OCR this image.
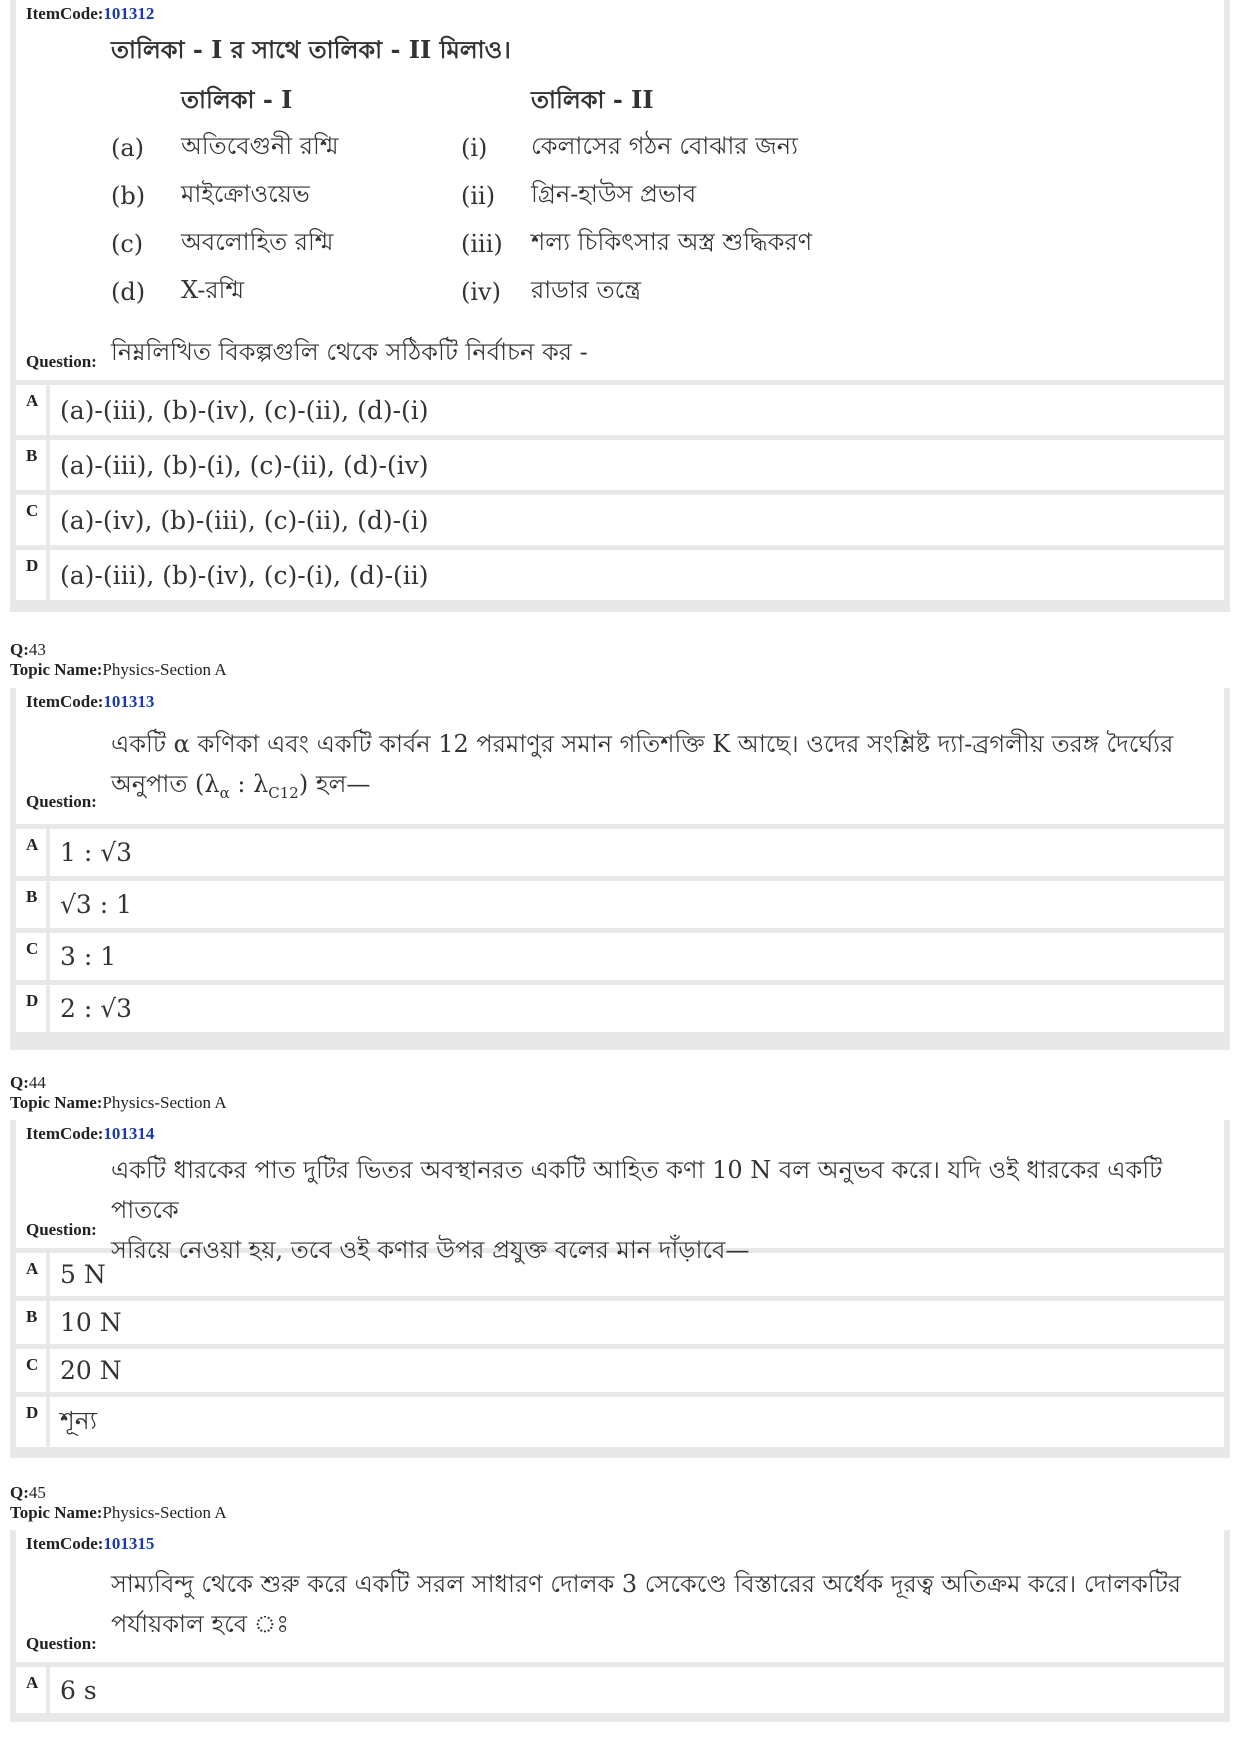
ItemCode:101312
তালিকা - I র সাথে তালিকা - II মিলাও।
	তালিকা - I		তালিকা - II
(a)	অতিবেগুনী রশ্মি	(i)	কেলাসের গঠন বোঝার জন্য
(b)	মাইক্রোওয়েভ	(ii)	গ্রিন-হাউস প্রভাব
(c)	অবলোহিত রশ্মি	(iii)	শল্য চিকিৎসার অস্ত্র শুদ্ধিকরণ
(d)	X-রশ্মি	(iv)	রাডার তন্ত্রে
Question: নিম্নলিখিত বিকল্পগুলি থেকে সঠিকটি নির্বাচন কর -
A (a)-(iii), (b)-(iv), (c)-(ii), (d)-(i)
B (a)-(iii), (b)-(i), (c)-(ii), (d)-(iv)
C (a)-(iv), (b)-(iii), (c)-(ii), (d)-(i)
D (a)-(iii), (b)-(iv), (c)-(i), (d)-(ii)
Q:43
Topic Name:Physics-Section A
ItemCode:101313
একটি α কণিকা এবং একটি কার্বন 12 পরমাণুর সমান গতিশক্তি K আছে। ওদের সংশ্লিষ্ট দ্যা-ব্রগলীয় তরঙ্গ দৈর্ঘ্যের
অনুপাত ($\lambda_\alpha$ : $\lambda_{C12}$) হল—
Question:
A 1 : √3
B √3 : 1
C 3 : 1
D 2 : √3
Q:44
Topic Name:Physics-Section A
ItemCode:101314
একটি ধারকের পাত দুটির ভিতর অবস্থানরত একটি আহিত কণা 10 N বল অনুভব করে। যদি ওই ধারকের একটি পাতকে
সরিয়ে নেওয়া হয়, তবে ওই কণার উপর প্রযুক্ত বলের মান দাঁড়াবে—
Question:
A 5 N
B 10 N
C 20 N
D শূন্য
Q:45
Topic Name:Physics-Section A
ItemCode:101315
সাম্যবিন্দু থেকে শুরু করে একটি সরল সাধারণ দোলক 3 সেকেণ্ডে বিস্তারের অর্ধেক দূরত্ব অতিক্রম করে। দোলকটির
পর্যায়কাল হবে ঃ
Question:
A 6 s
